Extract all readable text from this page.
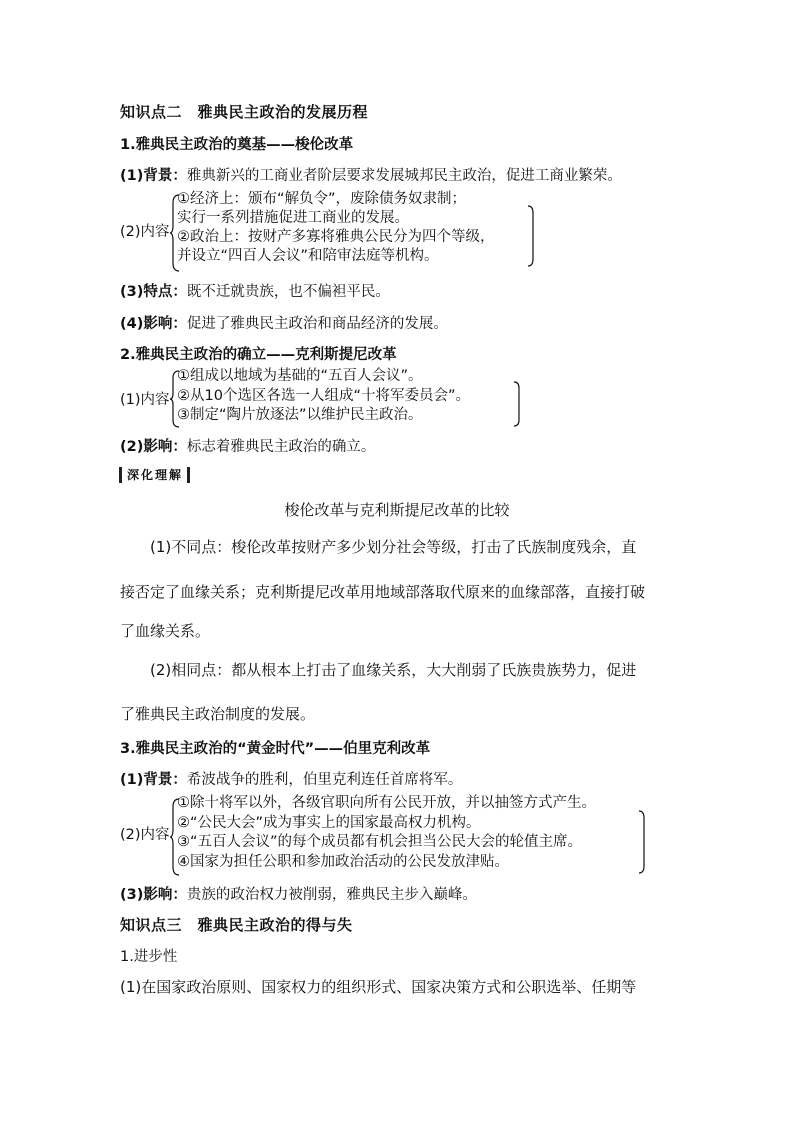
知识点二　雅典民主政治的发展历程
1.雅典民主政治的奠基——梭伦改革
(1)背景：雅典新兴的工商业者阶层要求发展城邦民主政治，促进工商业繁荣。
(2)内容
①经济上：颁布“解负令”，废除债务奴隶制；
实行一系列措施促进工商业的发展。
②政治上：按财产多寡将雅典公民分为四个等级，
并设立“四百人会议”和陪审法庭等机构。
(3)特点：既不迁就贵族，也不偏袒平民。
(4)影响：促进了雅典民主政治和商品经济的发展。
2.雅典民主政治的确立——克利斯提尼改革
(1)内容
①组成以地域为基础的“五百人会议”。
②从10个选区各选一人组成“十将军委员会”。
③制定“陶片放逐法”以维护民主政治。
(2)影响：标志着雅典民主政治的确立。
深化理解
梭伦改革与克利斯提尼改革的比较
(1)不同点：梭伦改革按财产多少划分社会等级，打击了氏族制度残余，直
接否定了血缘关系；克利斯提尼改革用地域部落取代原来的血缘部落，直接打破
了血缘关系。
(2)相同点：都从根本上打击了血缘关系，大大削弱了氏族贵族势力，促进
了雅典民主政治制度的发展。
3.雅典民主政治的“黄金时代”——伯里克利改革
(1)背景：希波战争的胜利，伯里克利连任首席将军。
(2)内容
①除十将军以外，各级官职向所有公民开放，并以抽签方式产生。
②“公民大会”成为事实上的国家最高权力机构。
③“五百人会议”的每个成员都有机会担当公民大会的轮值主席。
④国家为担任公职和参加政治活动的公民发放津贴。
(3)影响：贵族的政治权力被削弱，雅典民主步入巅峰。
知识点三　雅典民主政治的得与失
1.进步性
(1)在国家政治原则、国家权力的组织形式、国家决策方式和公职选举、任期等
